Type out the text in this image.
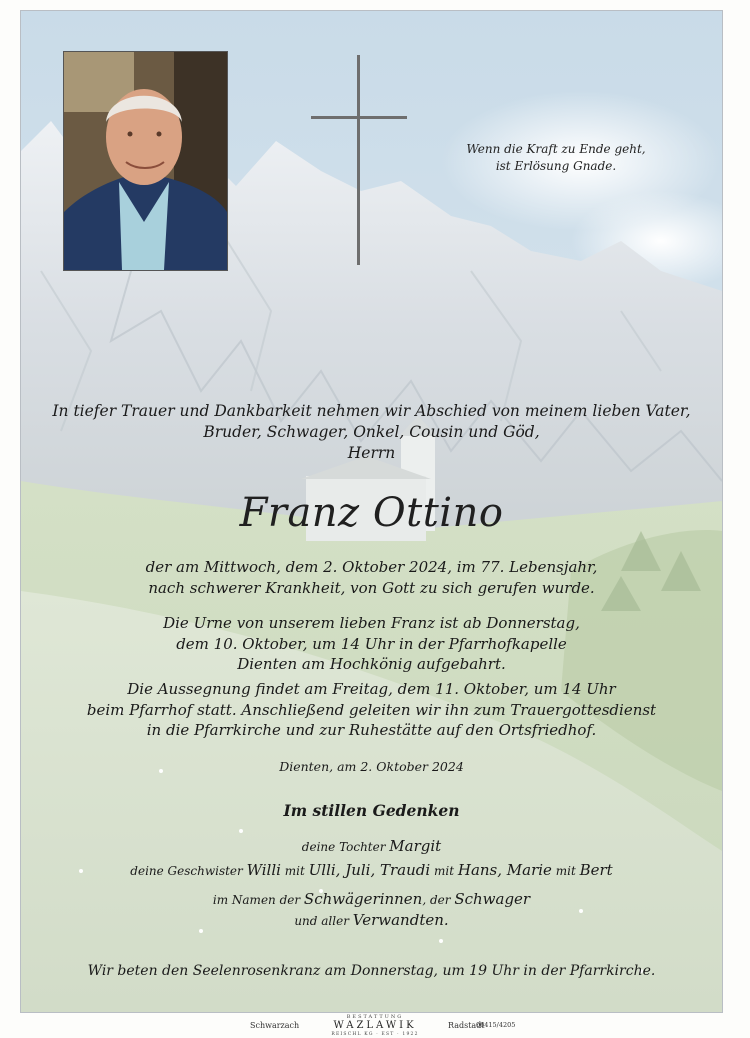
Wenn die Kraft zu Ende geht,
ist Erlösung Gnade.
In tiefer Trauer und Dankbarkeit nehmen wir Abschied von meinem lieben Vater,
Bruder, Schwager, Onkel, Cousin und Göd,
Herrn
Franz Ottino
der am Mittwoch, dem 2. Oktober 2024, im 77. Lebensjahr,
nach schwerer Krankheit, von Gott zu sich gerufen wurde.
Die Urne von unserem lieben Franz ist ab Donnerstag,
dem 10. Oktober, um 14 Uhr in der Pfarrhofkapelle
Dienten am Hochkönig aufgebahrt.
Die Aussegnung findet am Freitag, dem 11. Oktober, um 14 Uhr
beim Pfarrhof statt. Anschließend geleiten wir ihn zum Trauergottesdienst
in die Pfarrkirche und zur Ruhestätte auf den Ortsfriedhof.
Dienten, am 2. Oktober 2024
Im stillen Gedenken
deine Tochter Margit
deine Geschwister Willi mit Ulli, Juli, Traudi mit Hans, Marie mit Bert
im Namen der Schwägerinnen, der Schwager
und aller Verwandten.
Wir beten den Seelenrosenkranz am Donnerstag, um 19 Uhr in der Pfarrkirche.
Schwarzach
BESTATTUNG
WAZLAWIK
REISCHL KG · EST · 1922
Radstadt
06415/4205
